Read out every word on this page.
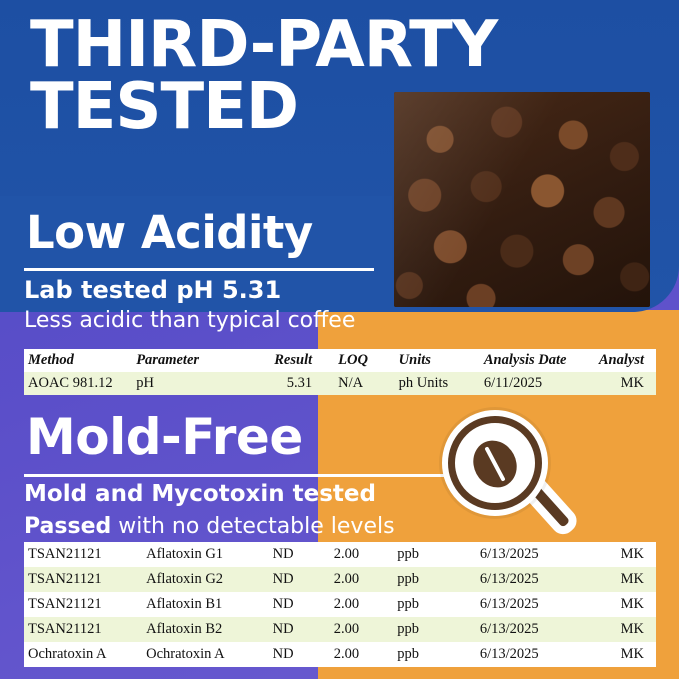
THIRD-PARTY
TESTED
Low Acidity
Lab tested pH 5.31
Less acidic than typical coffee
Method	Parameter	Result	LOQ	Units	Analysis Date	Analyst
AOAC 981.12	pH	5.31	N/A	ph Units	6/11/2025	MK
Mold-Free
Mold and Mycotoxin tested
Passed with no detectable levels
TSAN21121	Aflatoxin G1	ND	2.00	ppb	6/13/2025	MK
TSAN21121	Aflatoxin G2	ND	2.00	ppb	6/13/2025	MK
TSAN21121	Aflatoxin B1	ND	2.00	ppb	6/13/2025	MK
TSAN21121	Aflatoxin B2	ND	2.00	ppb	6/13/2025	MK
Ochratoxin A	Ochratoxin A	ND	2.00	ppb	6/13/2025	MK
